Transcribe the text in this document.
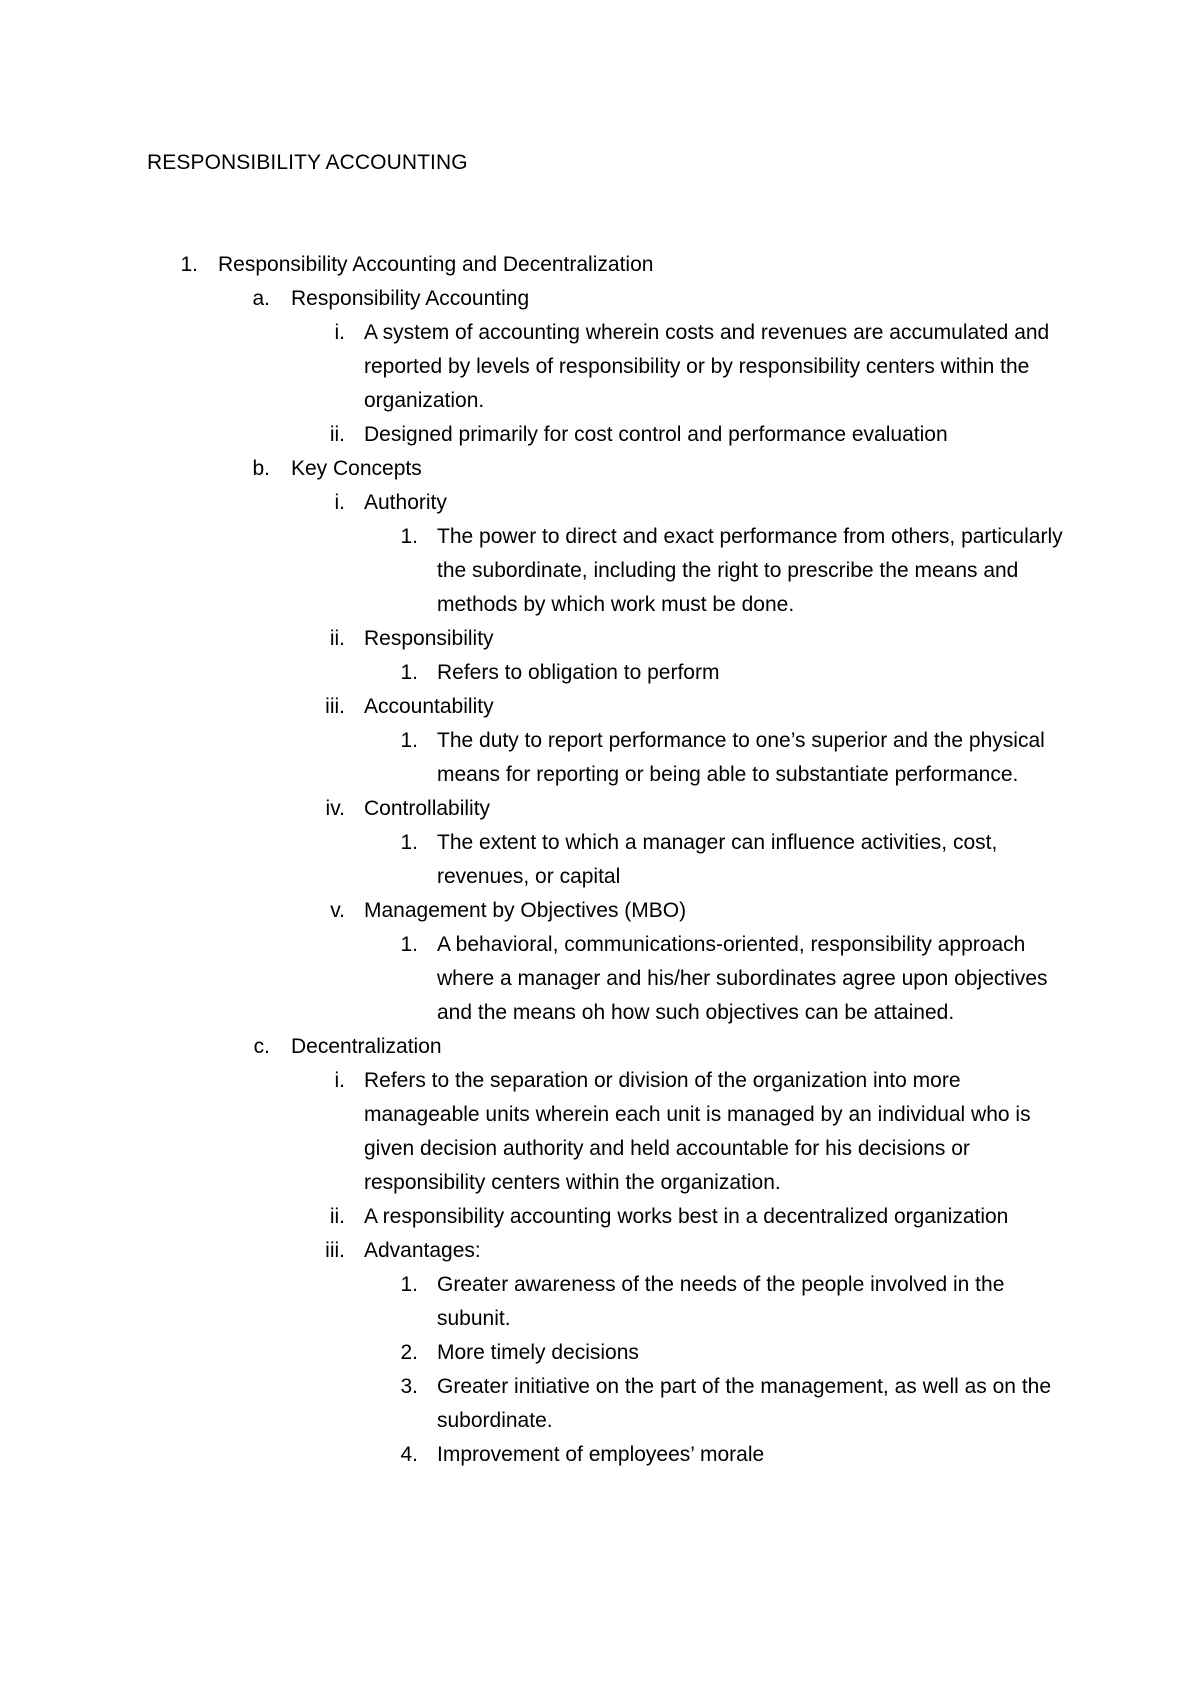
RESPONSIBILITY ACCOUNTING
1. Responsibility Accounting and Decentralization
a. Responsibility Accounting
i. A system of accounting wherein costs and revenues are accumulated and reported by levels of responsibility or by responsibility centers within the organization.
ii. Designed primarily for cost control and performance evaluation
b. Key Concepts
i. Authority
1. The power to direct and exact performance from others, particularly the subordinate, including the right to prescribe the means and methods by which work must be done.
ii. Responsibility
1. Refers to obligation to perform
iii. Accountability
1. The duty to report performance to one’s superior and the physical means for reporting or being able to substantiate performance.
iv. Controllability
1. The extent to which a manager can influence activities, cost, revenues, or capital
v. Management by Objectives (MBO)
1. A behavioral, communications-oriented, responsibility approach where a manager and his/her subordinates agree upon objectives and the means oh how such objectives can be attained.
c. Decentralization
i. Refers to the separation or division of the organization into more manageable units wherein each unit is managed by an individual who is given decision authority and held accountable for his decisions or responsibility centers within the organization.
ii. A responsibility accounting works best in a decentralized organization
iii. Advantages:
1. Greater awareness of the needs of the people involved in the subunit.
2. More timely decisions
3. Greater initiative on the part of the management, as well as on the subordinate.
4. Improvement of employees’ morale
